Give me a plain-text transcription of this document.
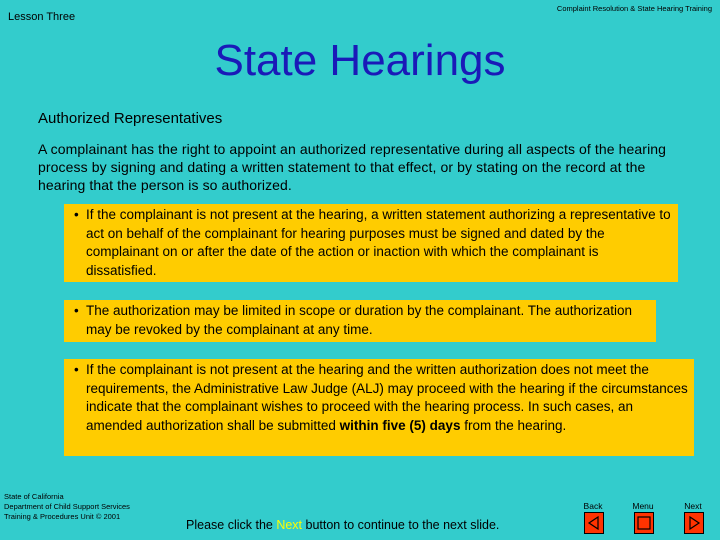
Lesson Three
Complaint Resolution & State Hearing Training
State Hearings
Authorized Representatives
A complainant has the right to appoint an authorized representative during all aspects of the hearing process by signing and dating a written statement to that effect, or by stating on the record at the hearing that the person is so authorized.
• If the complainant is not present at the hearing, a written statement authorizing a representative to act on behalf of the complainant for hearing purposes must be signed and dated by the complainant on or after the date of the action or inaction with which the complainant is dissatisfied.
• The authorization may be limited in scope or duration by the complainant. The authorization may be revoked by the complainant at any time.
• If the complainant is not present at the hearing and the written authorization does not meet the requirements, the Administrative Law Judge (ALJ) may proceed with the hearing if the circumstances indicate that the complainant wishes to proceed with the hearing process. In such cases, an amended authorization shall be submitted within five (5) days from the hearing.
State of California
Department of Child Support Services
Training & Procedures Unit © 2001
Please click the Next button to continue to the next slide.
Back	Menu	Next
